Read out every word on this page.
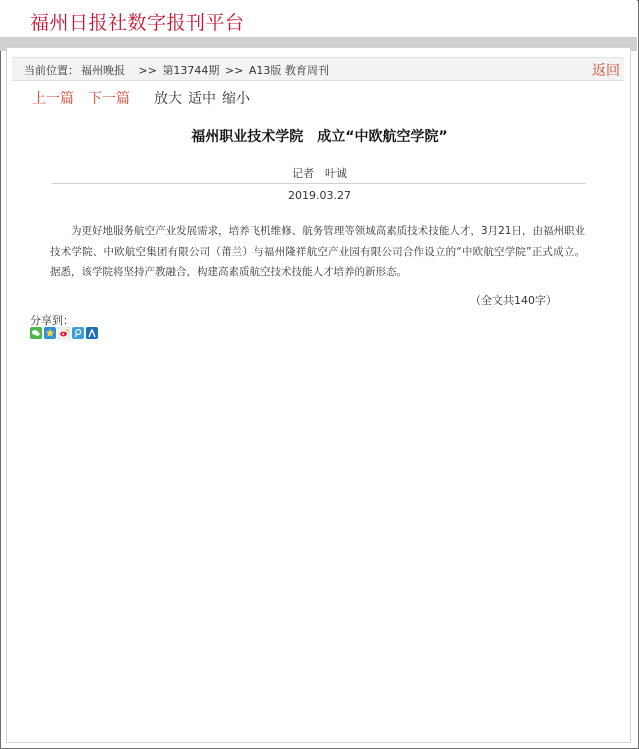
福州日报社数字报刊平台
当前位置： 福州晚报 >> 第13744期 >> A13版 教育周刊	返回
上一篇 下一篇 放大 适中 缩小
福州职业技术学院　成立“中欧航空学院”
记者　叶诚
2019.03.27
为更好地服务航空产业发展需求，培养飞机维修、航务管理等领域高素质技术技能人才，3月21日，由福州职业技术学院、中欧航空集团有限公司（莆兰）与福州隆祥航空产业园有限公司合作设立的“中欧航空学院”正式成立。据悉，该学院将坚持产教融合，构建高素质航空技术技能人才培养的新形态。
（全文共140字）
分享到：
